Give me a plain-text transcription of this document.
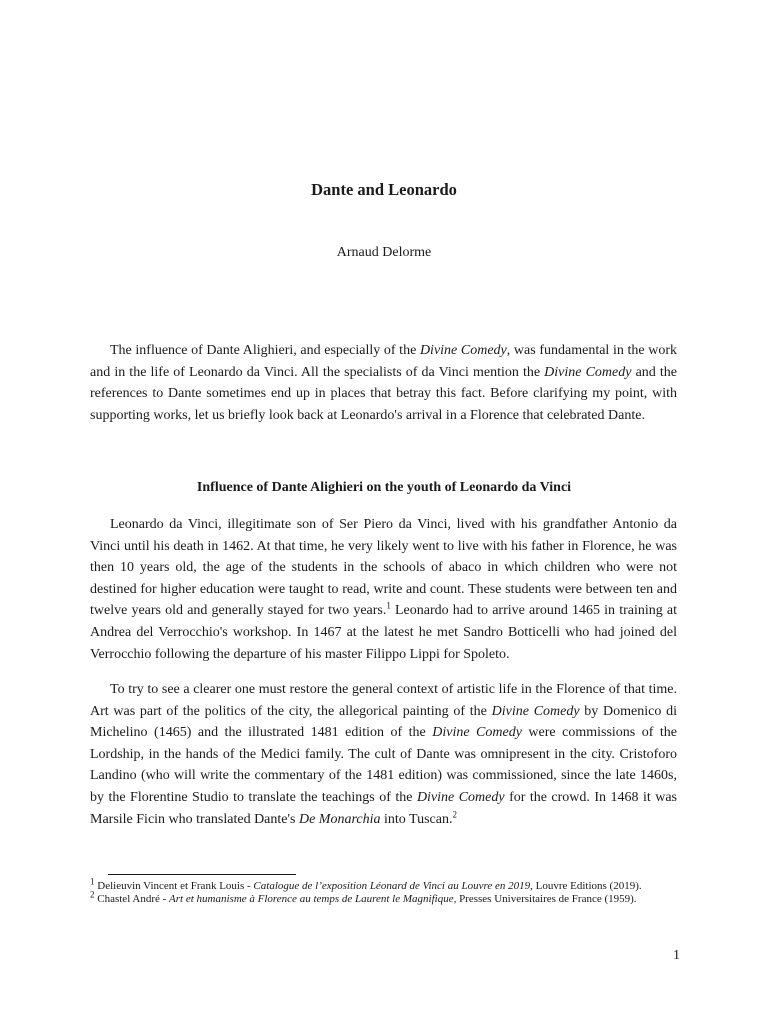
Dante and Leonardo

Arnaud Delorme

The influence of Dante Alighieri, and especially of the Divine Comedy, was fundamental in the work and in the life of Leonardo da Vinci. All the specialists of da Vinci mention the Divine Comedy and the references to Dante sometimes end up in places that betray this fact. Before clarifying my point, with supporting works, let us briefly look back at Leonardo's arrival in a Florence that celebrated Dante.

Influence of Dante Alighieri on the youth of Leonardo da Vinci

Leonardo da Vinci, illegitimate son of Ser Piero da Vinci, lived with his grandfather Antonio da Vinci until his death in 1462. At that time, he very likely went to live with his father in Florence, he was then 10 years old, the age of the students in the schools of abaco in which children who were not destined for higher education were taught to read, write and count. These students were between ten and twelve years old and generally stayed for two years.$^1$ Leonardo had to arrive around 1465 in training at Andrea del Verrocchio's workshop. In 1467 at the latest he met Sandro Botticelli who had joined del Verrocchio following the departure of his master Filippo Lippi for Spoleto.

To try to see a clearer one must restore the general context of artistic life in the Florence of that time. Art was part of the politics of the city, the allegorical painting of the Divine Comedy by Domenico di Michelino (1465) and the illustrated 1481 edition of the Divine Comedy were commissions of the Lordship, in the hands of the Medici family. The cult of Dante was omnipresent in the city. Cristoforo Landino (who will write the commentary of the 1481 edition) was commissioned, since the late 1460s, by the Florentine Studio to translate the teachings of the Divine Comedy for the crowd. In 1468 it was Marsile Ficin who translated Dante's De Monarchia into Tuscan.$^2$

$^1$ Delieuvin Vincent et Frank Louis - Catalogue de l’exposition Léonard de Vinci au Louvre en 2019, Louvre Editions (2019).

$^2$ Chastel André - Art et humanisme à Florence au temps de Laurent le Magnifique, Presses Universitaires de France (1959).

1
